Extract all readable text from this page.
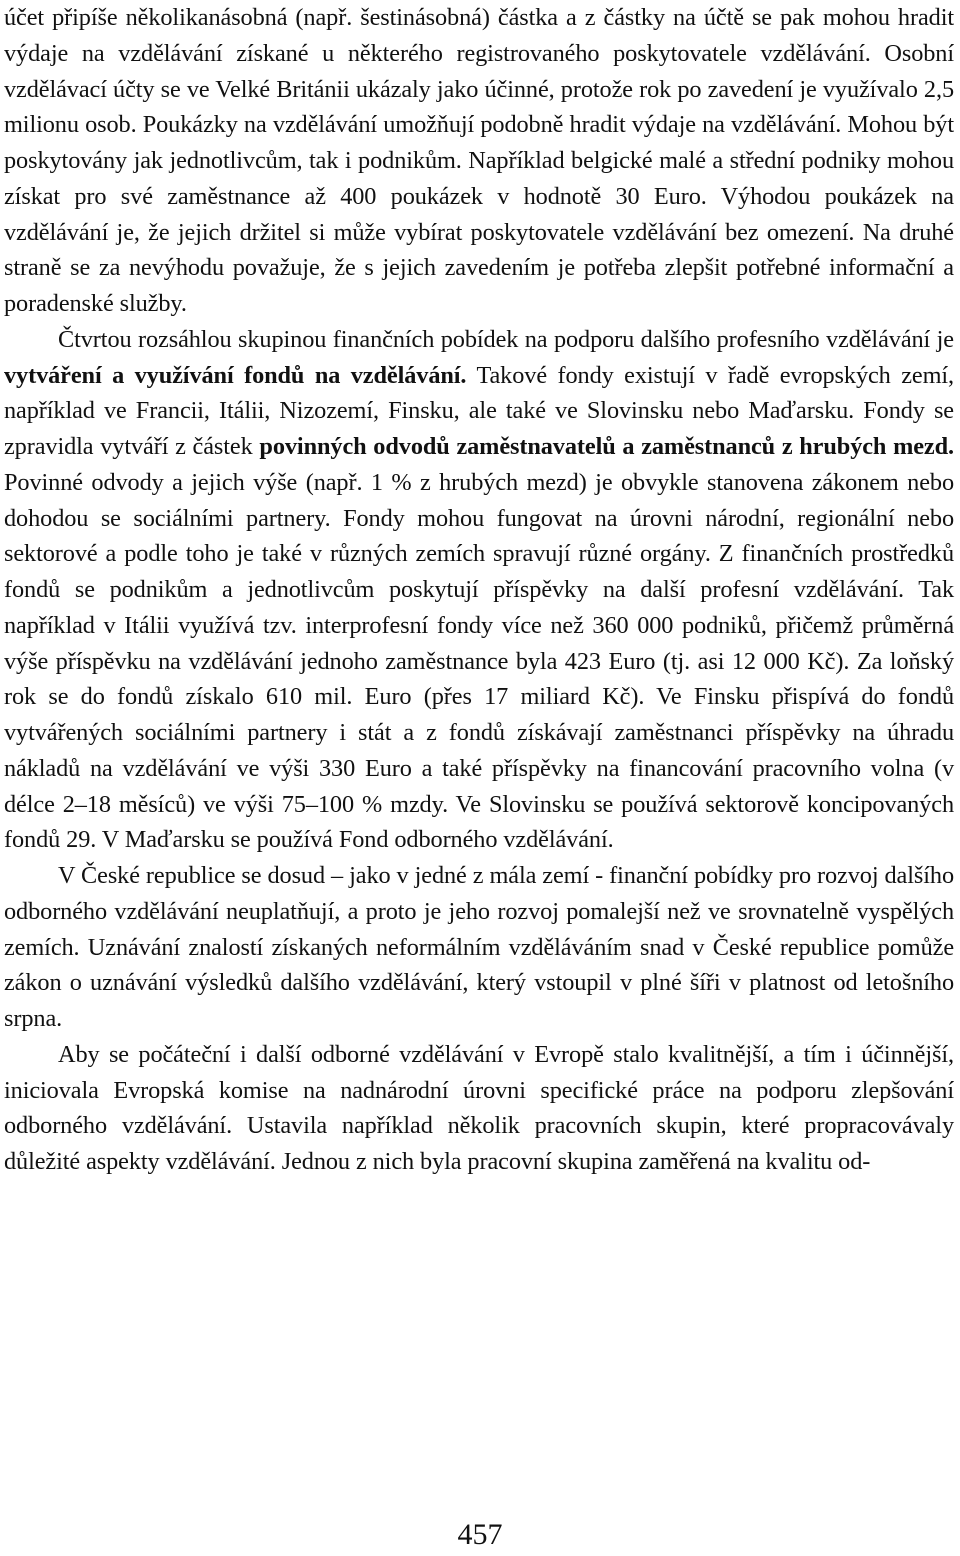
účet připíše několikanásobná (např. šestinásobná) částka a z částky na účtě se pak mohou hradit výdaje na vzdělávání získané u některého registrovaného poskytovatele vzdělávání. Osobní vzdělávací účty se ve Velké Británii ukázaly jako účinné, protože rok po zavedení je využívalo 2,5 milionu osob. Poukázky na vzdělávání umožňují podobně hradit výdaje na vzdělávání. Mohou být poskytovány jak jednotlivcům, tak i podnikům. Například belgické malé a střední podniky mohou získat pro své zaměstnance až 400 poukázek v hodnotě 30 Euro. Výhodou poukázek na vzdělávání je, že jejich držitel si může vybírat poskytovatele vzdělávání bez omezení. Na druhé straně se za nevýhodu považuje, že s jejich zavedením je potřeba zlepšit potřebné informační a poradenské služby.

Čtvrtou rozsáhlou skupinou finančních pobídek na podporu dalšího profesního vzdělávání je vytváření a využívání fondů na vzdělávání. Takové fondy existují v řadě evropských zemí, například ve Francii, Itálii, Nizozemí, Finsku, ale také ve Slovinsku nebo Maďarsku. Fondy se zpravidla vytváří z částek povinných odvodů zaměstnavatelů a zaměstnanců z hrubých mezd. Povinné odvody a jejich výše (např. 1 % z hrubých mezd) je obvykle stanovena zákonem nebo dohodou se sociálními partnery. Fondy mohou fungovat na úrovni národní, regionální nebo sektorové a podle toho je také v různých zemích spravují různé orgány. Z finančních prostředků fondů se podnikům a jednotlivcům poskytují příspěvky na další profesní vzdělávání. Tak například v Itálii využívá tzv. interprofesní fondy více než 360 000 podniků, přičemž průměrná výše příspěvku na vzdělávání jednoho zaměstnance byla 423 Euro (tj. asi 12 000 Kč). Za loňský rok se do fondů získalo 610 mil. Euro (přes 17 miliard Kč). Ve Finsku přispívá do fondů vytvářených sociálními partnery i stát a z fondů získávají zaměstnanci příspěvky na úhradu nákladů na vzdělávání ve výši 330 Euro a také příspěvky na financování pracovního volna (v délce 2–18 měsíců) ve výši 75–100 % mzdy. Ve Slovinsku se používá sektorově koncipovaných fondů 29. V Maďarsku se používá Fond odborného vzdělávání.

V České republice se dosud – jako v jedné z mála zemí - finanční pobídky pro rozvoj dalšího odborného vzdělávání neuplatňují, a proto je jeho rozvoj pomalejší než ve srovnatelně vyspělých zemích. Uznávání znalostí získaných neformálním vzděláváním snad v České republice pomůže zákon o uznávání výsledků dalšího vzdělávání, který vstoupil v plné šíři v platnost od letošního srpna.

Aby se počáteční i další odborné vzdělávání v Evropě stalo kvalitnější, a tím i účinnější, iniciovala Evropská komise na nadnárodní úrovni specifické práce na podporu zlepšování odborného vzdělávání. Ustavila například několik pracovních skupin, které propracovávaly důležité aspekty vzdělávání. Jednou z nich byla pracovní skupina zaměřená na kvalitu od-

457
